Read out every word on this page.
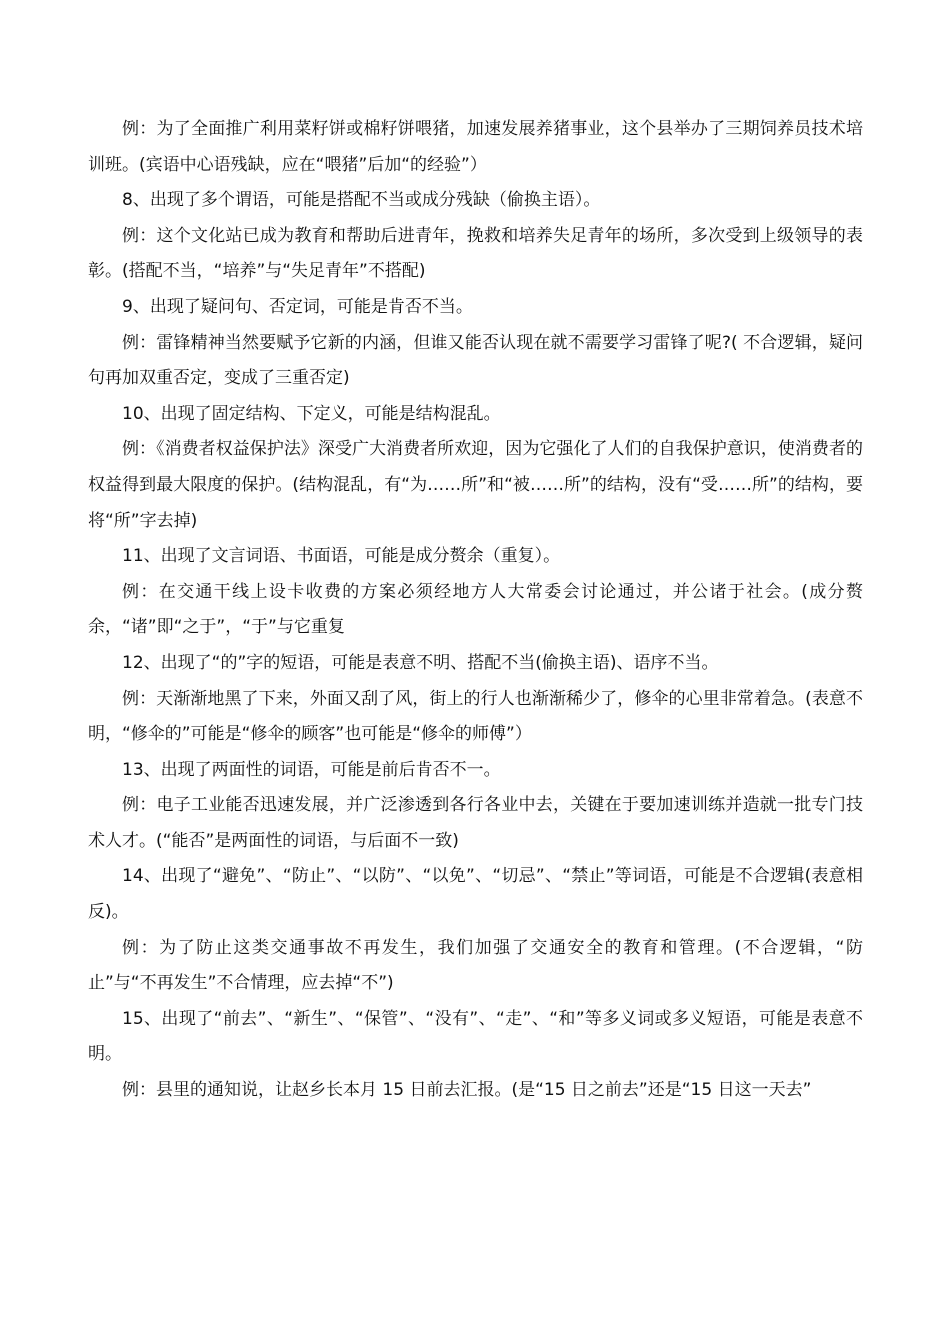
例：为了全面推广利用菜籽饼或棉籽饼喂猪，加速发展养猪事业，这个县举办了三期饲养员技术培训班。(宾语中心语残缺，应在“喂猪”后加“的经验”）

8、出现了多个谓语，可能是搭配不当或成分残缺（偷换主语）。

例：这个文化站已成为教育和帮助后进青年，挽救和培养失足青年的场所，多次受到上级领导的表彰。(搭配不当，“培养”与“失足青年”不搭配)

9、出现了疑问句、否定词，可能是肯否不当。

例：雷锋精神当然要赋予它新的内涵，但谁又能否认现在就不需要学习雷锋了呢?( 不合逻辑，疑问句再加双重否定，变成了三重否定)

10、出现了固定结构、下定义，可能是结构混乱。

例：《消费者权益保护法》深受广大消费者所欢迎，因为它强化了人们的自我保护意识，使消费者的权益得到最大限度的保护。(结构混乱，有“为……所”和“被……所”的结构，没有“受……所”的结构，要将“所”字去掉)

11、出现了文言词语、书面语，可能是成分赘余（重复）。

例：在交通干线上设卡收费的方案必须经地方人大常委会讨论通过，并公诸于社会。(成分赘余，“诸”即“之于”，“于”与它重复

12、出现了“的”字的短语，可能是表意不明、搭配不当(偷换主语)、语序不当。

例：天渐渐地黑了下来，外面又刮了风，街上的行人也渐渐稀少了，修伞的心里非常着急。(表意不明，“修伞的”可能是“修伞的顾客”也可能是“修伞的师傅”）

13、出现了两面性的词语，可能是前后肯否不一。

例：电子工业能否迅速发展，并广泛渗透到各行各业中去，关键在于要加速训练并造就一批专门技术人才。(“能否”是两面性的词语，与后面不一致)

14、出现了“避免”、“防止”、“以防”、“以免”、“切忌”、“禁止”等词语，可能是不合逻辑(表意相反)。

例：为了防止这类交通事故不再发生，我们加强了交通安全的教育和管理。(不合逻辑，“防止”与“不再发生”不合情理，应去掉“不”)

15、出现了“前去”、“新生”、“保管”、“没有”、“走”、“和”等多义词或多义短语，可能是表意不明。

例：县里的通知说，让赵乡长本月 15 日前去汇报。(是“15 日之前去”还是“15 日这一天去”
